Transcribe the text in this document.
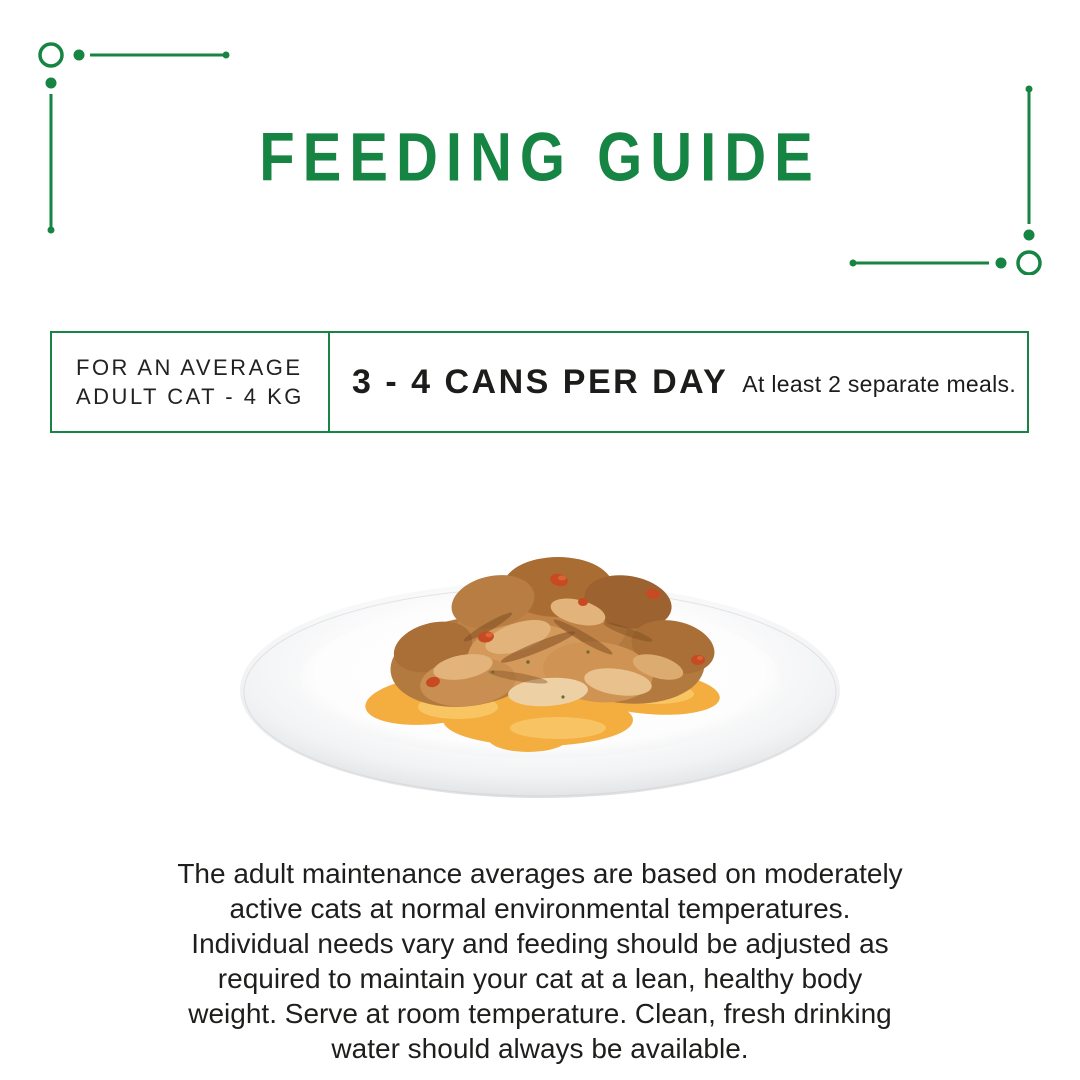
FEEDING GUIDE
FOR AN AVERAGE
ADULT CAT - 4 KG	3 - 4 CANS PER DAY At least 2 separate meals.
The adult maintenance averages are based on moderately
active cats at normal environmental temperatures.
Individual needs vary and feeding should be adjusted as
required to maintain your cat at a lean, healthy body
weight. Serve at room temperature. Clean, fresh drinking
water should always be available.
